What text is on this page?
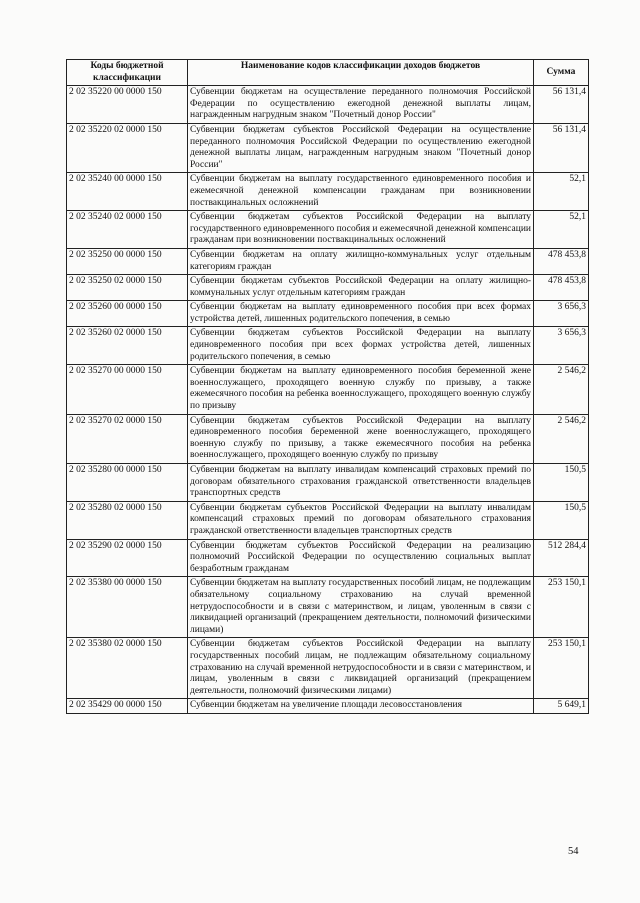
Коды бюджетной классификации	Наименование кодов классификации доходов бюджетов	Сумма
2 02 35220 00 0000 150	Субвенции бюджетам на осуществление переданного полномочия Российской Федерации по осуществлению ежегодной денежной выплаты лицам, награжденным нагрудным знаком "Почетный донор России"	56 131,4
2 02 35220 02 0000 150	Субвенции бюджетам субъектов Российской Федерации на осуществление переданного полномочия Российской Федерации по осуществлению ежегодной денежной выплаты лицам, награжденным нагрудным знаком "Почетный донор России"	56 131,4
2 02 35240 00 0000 150	Субвенции бюджетам на выплату государственного единовременного пособия и ежемесячной денежной компенсации гражданам при возникновении поствакцинальных осложнений	52,1
2 02 35240 02 0000 150	Субвенции бюджетам субъектов Российской Федерации на выплату государственного единовременного пособия и ежемесячной денежной компенсации гражданам при возникновении поствакцинальных осложнений	52,1
2 02 35250 00 0000 150	Субвенции бюджетам на оплату жилищно-коммунальных услуг отдельным категориям граждан	478 453,8
2 02 35250 02 0000 150	Субвенции бюджетам субъектов Российской Федерации на оплату жилищно-коммунальных услуг отдельным категориям граждан	478 453,8
2 02 35260 00 0000 150	Субвенции бюджетам на выплату единовременного пособия при всех формах устройства детей, лишенных родительского попечения, в семью	3 656,3
2 02 35260 02 0000 150	Субвенции бюджетам субъектов Российской Федерации на выплату единовременного пособия при всех формах устройства детей, лишенных родительского попечения, в семью	3 656,3
2 02 35270 00 0000 150	Субвенции бюджетам на выплату единовременного пособия беременной жене военнослужащего, проходящего военную службу по призыву, а также ежемесячного пособия на ребенка военнослужащего, проходящего военную службу по призыву	2 546,2
2 02 35270 02 0000 150	Субвенции бюджетам субъектов Российской Федерации на выплату единовременного пособия беременной жене военнослужащего, проходящего военную службу по призыву, а также ежемесячного пособия на ребенка военнослужащего, проходящего военную службу по призыву	2 546,2
2 02 35280 00 0000 150	Субвенции бюджетам на выплату инвалидам компенсаций страховых премий по договорам обязательного страхования гражданской ответственности владельцев транспортных средств	150,5
2 02 35280 02 0000 150	Субвенции бюджетам субъектов Российской Федерации на выплату инвалидам компенсаций страховых премий по договорам обязательного страхования гражданской ответственности владельцев транспортных средств	150,5
2 02 35290 02 0000 150	Субвенции бюджетам субъектов Российской Федерации на реализацию полномочий Российской Федерации по осуществлению социальных выплат безработным гражданам	512 284,4
2 02 35380 00 0000 150	Субвенции бюджетам на выплату государственных пособий лицам, не подлежащим обязательному социальному страхованию на случай временной нетрудоспособности и в связи с материнством, и лицам, уволенным в связи с ликвидацией организаций (прекращением деятельности, полномочий физическими лицами)	253 150,1
2 02 35380 02 0000 150	Субвенции бюджетам субъектов Российской Федерации на выплату государственных пособий лицам, не подлежащим обязательному социальному страхованию на случай временной нетрудоспособности и в связи с материнством, и лицам, уволенным в связи с ликвидацией организаций (прекращением деятельности, полномочий физическими лицами)	253 150,1
2 02 35429 00 0000 150	Субвенции бюджетам на увеличение площади лесовосстановления	5 649,1
54
